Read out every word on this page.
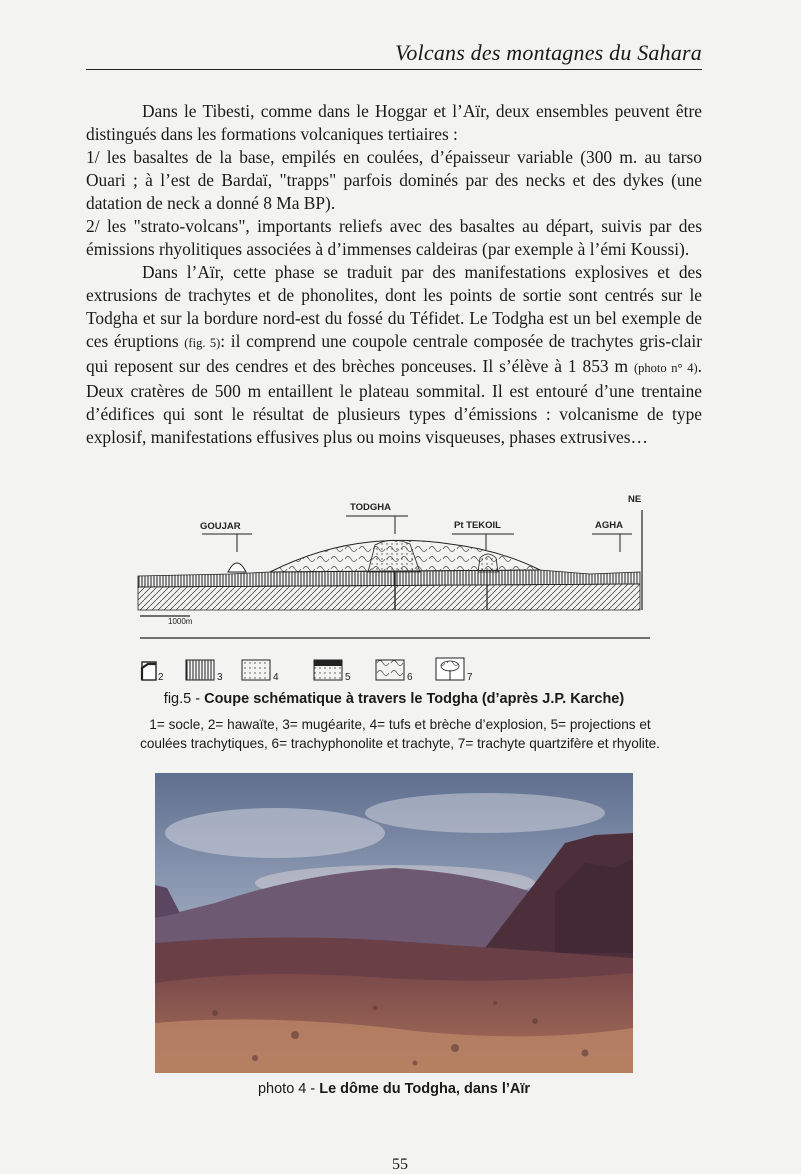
Volcans des montagnes du Sahara

Dans le Tibesti, comme dans le Hoggar et l’Aïr, deux ensembles peuvent être distingués dans les formations volcaniques tertiaires :

1/ les basaltes de la base, empilés en coulées, d’épaisseur variable (300 m. au tarso Ouari ; à l’est de Bardaï, "trapps" parfois dominés par des necks et des dykes (une datation de neck a donné 8 Ma BP).

2/ les "strato-volcans", importants reliefs avec des basaltes au départ, suivis par des émissions rhyolitiques associées à d’immenses caldeiras (par exemple à l’émi Koussi).

Dans l’Aïr, cette phase se traduit par des manifestations explosives et des extrusions de trachytes et de phonolites, dont les points de sortie sont centrés sur le Todgha et sur la bordure nord-est du fossé du Téfidet. Le Todgha est un bel exemple de ces éruptions (fig. 5): il comprend une coupole centrale composée de trachytes gris-clair qui reposent sur des cendres et des brèches ponceuses. Il s’élève à 1 853 m (photo n° 4). Deux cratères de 500 m entaillent le plateau sommital. Il est entouré d’une trentaine d’édifices qui sont le résultat de plusieurs types d’émissions : volcanisme de type explosif, manifestations effusives plus ou moins visqueuses, phases extrusives…

GOUJAR
TODGHA
Pt TEKOIL	AGHA
NE
1000m
2	3	4	5	6	7
fig.5 - Coupe schématique à travers le Todgha (d’après J.P. Karche)
1= socle, 2= hawaïte, 3= mugéarite, 4= tufs et brèche d’explosion, 5= projections et
coulées trachytiques, 6= trachyphonolite et trachyte, 7= trachyte quartzifère et rhyolite.
photo 4 - Le dôme du Todgha, dans l’Aïr
55
